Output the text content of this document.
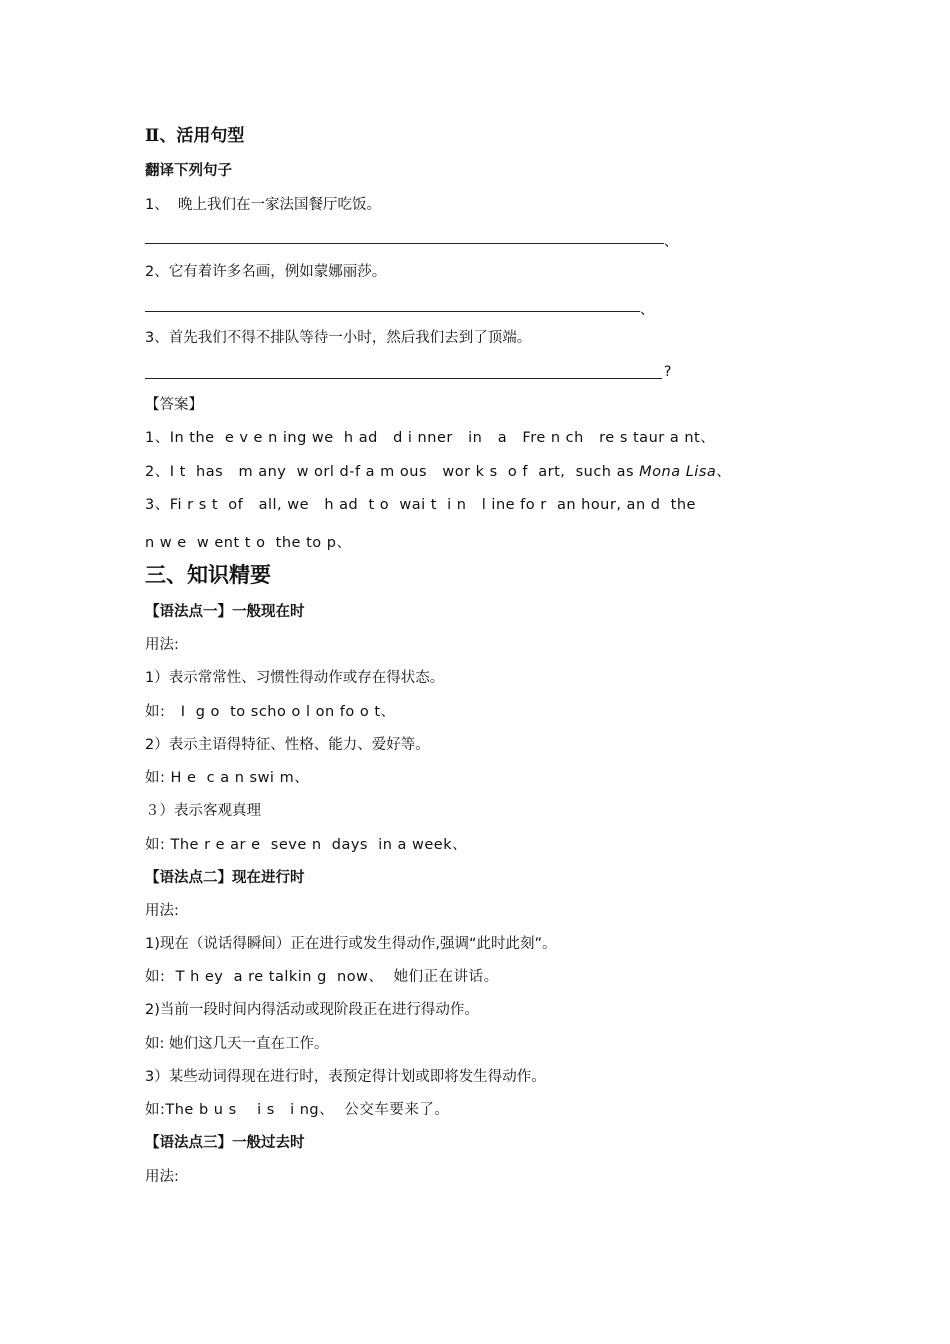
Ⅱ、活用句型
翻译下列句子
1、  晚上我们在一家法国餐厅吃饭。
、
2、它有着许多名画，例如蒙娜丽莎。
、
3、首先我们不得不排队等待一小时，然后我们去到了顶端。
?
【答案】
1、In the  e v e n ing we  h ad   d i nner   in   a   Fre n ch   re s taur a nt、
2、I t  has   m any  w orl d-f a m ous   wor k s  o f  art,  such as Mona Lisa、
3、Fi r s t  of   all, we   h ad  t o  wai t  i n   l ine fo r  an hour, an d  the
n w e  w ent t o  the to p、
三、知识精要
【语法点一】一般现在时
用法:
1）表示常常性、习惯性得动作或存在得状态。
如:   I  g o  to scho o l on fo o t、
2）表示主语得特征、性格、能力、爱好等。
如: H e  c a n swi m、
３）表示客观真理
如: The r e ar e  seve n  days  in a week、
【语法点二】现在进行时
用法:
1)现在（说话得瞬间）正在进行或发生得动作,强调“此时此刻”。
如:  T h ey  a re talkin g  now、  她们正在讲话。
2)当前一段时间内得活动或现阶段正在进行得动作。
如: 她们这几天一直在工作。
3）某些动词得现在进行时，表预定得计划或即将发生得动作。
如:The b u s    i s   i ng、  公交车要来了。
【语法点三】一般过去时
用法:
